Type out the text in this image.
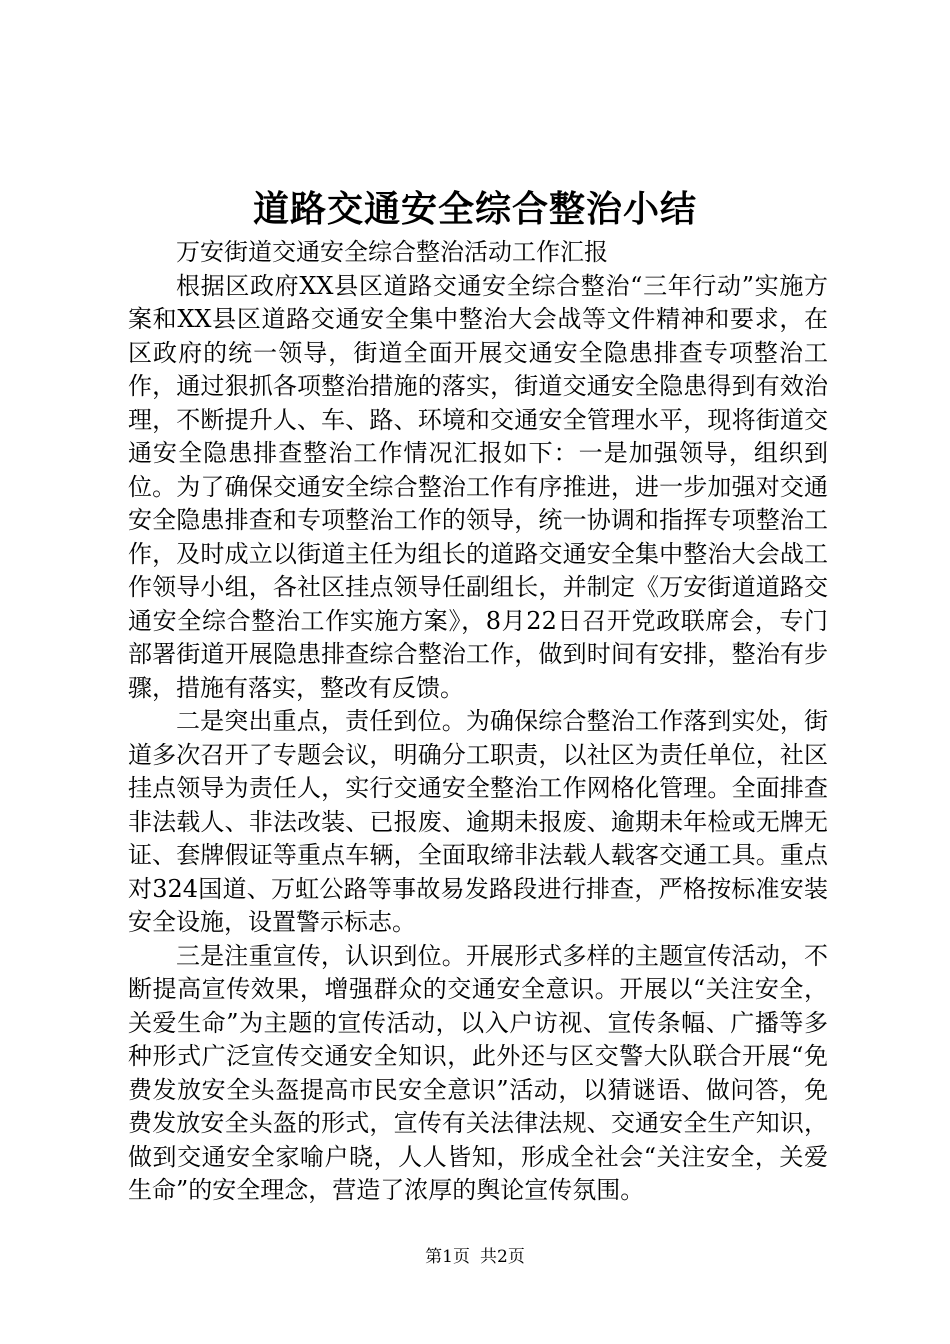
道路交通安全综合整治小结

万安街道交通安全综合整治活动工作汇报

根据区政府XX县区道路交通安全综合整治“三年行动”实施方案和XX县区道路交通安全集中整治大会战等文件精神和要求，在区政府的统一领导，街道全面开展交通安全隐患排查专项整治工作，通过狠抓各项整治措施的落实，街道交通安全隐患得到有效治理，不断提升人、车、路、环境和交通安全管理水平，现将街道交通安全隐患排查整治工作情况汇报如下：一是加强领导，组织到位。为了确保交通安全综合整治工作有序推进，进一步加强对交通安全隐患排查和专项整治工作的领导，统一协调和指挥专项整治工作，及时成立以街道主任为组长的道路交通安全集中整治大会战工作领导小组，各社区挂点领导任副组长，并制定《万安街道道路交通安全综合整治工作实施方案》，8月22日召开党政联席会，专门部署街道开展隐患排查综合整治工作，做到时间有安排，整治有步骤，措施有落实，整改有反馈。

二是突出重点，责任到位。为确保综合整治工作落到实处，街道多次召开了专题会议，明确分工职责，以社区为责任单位，社区挂点领导为责任人，实行交通安全整治工作网格化管理。全面排查非法载人、非法改装、已报废、逾期未报废、逾期未年检或无牌无证、套牌假证等重点车辆，全面取缔非法载人载客交通工具。重点对324国道、万虹公路等事故易发路段进行排查，严格按标准安装安全设施，设置警示标志。

三是注重宣传，认识到位。开展形式多样的主题宣传活动，不断提高宣传效果，增强群众的交通安全意识。开展以“关注安全，关爱生命”为主题的宣传活动，以入户访视、宣传条幅、广播等多种形式广泛宣传交通安全知识，此外还与区交警大队联合开展“免费发放安全头盔提高市民安全意识”活动，以猜谜语、做问答，免费发放安全头盔的形式，宣传有关法律法规、交通安全生产知识，做到交通安全家喻户晓，人人皆知，形成全社会“关注安全，关爱生命”的安全理念，营造了浓厚的舆论宣传氛围。

第1页 共2页
